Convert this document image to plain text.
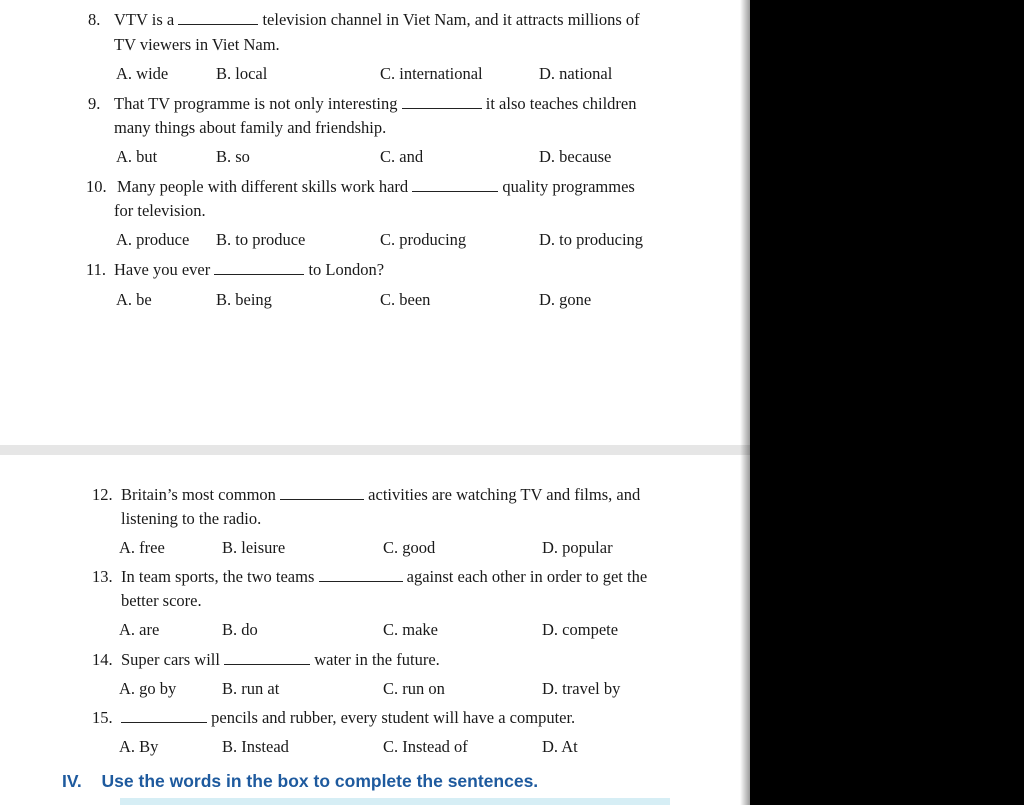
8. VTV is a	television channel in Viet Nam, and it attracts millions of
TV viewers in Viet Nam.
A. wide	B. local	C. international	D. national
9. That TV programme is not only interesting	it also teaches children
many things about family and friendship.
A. but	B. so	C. and	D. because
10. Many people with different skills work hard	quality programmes
for television.
A. produce B. to produce	C. producing	D. to producing
11. Have you ever	to London?
A. be	B. being	C. been	D. gone
12. Britain’s most common	activities are watching TV and films, and
listening to the radio.
A. free	B. leisure	C. good	D. popular
13. In team sports, the two teams	against each other in order to get the
better score.
A. are	B. do	C. make	D. compete
14. Super cars will	water in the future.
A. go by	B. run at	C. run on	D. travel by
15.	pencils and rubber, every student will have a computer.
A. By	B. Instead	C. Instead of	D. At
IV. Use the words in the box to complete the sentences.
